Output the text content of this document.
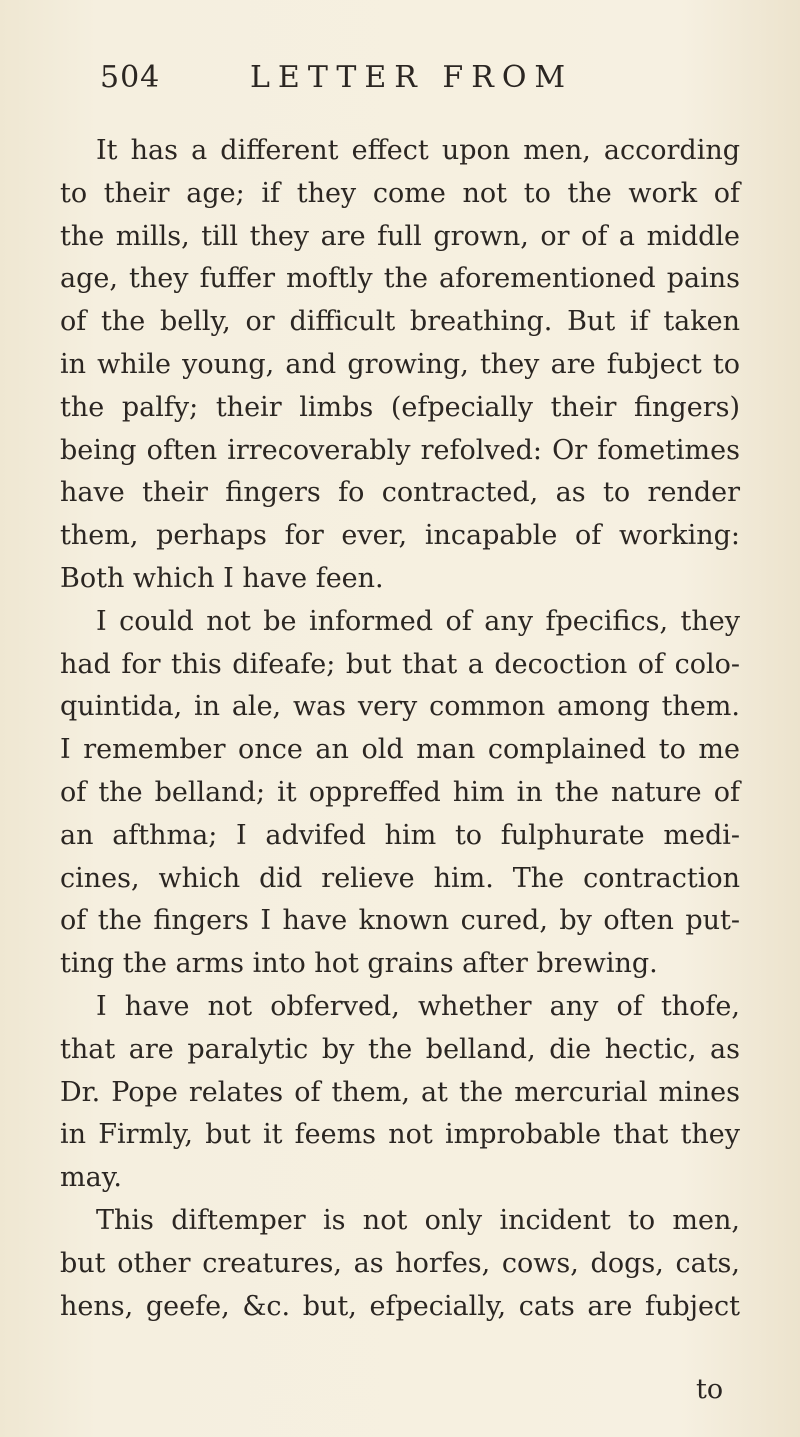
504	LETTER FROM
It has a different effect upon men, according
to their age; if they come not to the work of
the mills, till they are full grown, or of a middle
age, they fuffer moftly the aforementioned pains
of the belly, or difficult breathing. But if taken
in while young, and growing, they are fubject to
the palfy; their limbs (efpecially their fingers)
being often irrecoverably refolved: Or fometimes
have their fingers fo contracted, as to render
them, perhaps for ever, incapable of working:
Both which I have feen.
I could not be informed of any fpecifics, they
had for this difeafe; but that a decoction of colo-
quintida, in ale, was very common among them.
I remember once an old man complained to me
of the belland; it oppreffed him in the nature of
an afthma; I advifed him to fulphurate medi-
cines, which did relieve him. The contraction
of the fingers I have known cured, by often put-
ting the arms into hot grains after brewing.
I have not obferved, whether any of thofe,
that are paralytic by the belland, die hectic, as
Dr. Pope relates of them, at the mercurial mines
in Firmly, but it feems not improbable that they
may.
This diftemper is not only incident to men,
but other creatures, as horfes, cows, dogs, cats,
hens, geefe, &c. but, efpecially, cats are fubject
to
